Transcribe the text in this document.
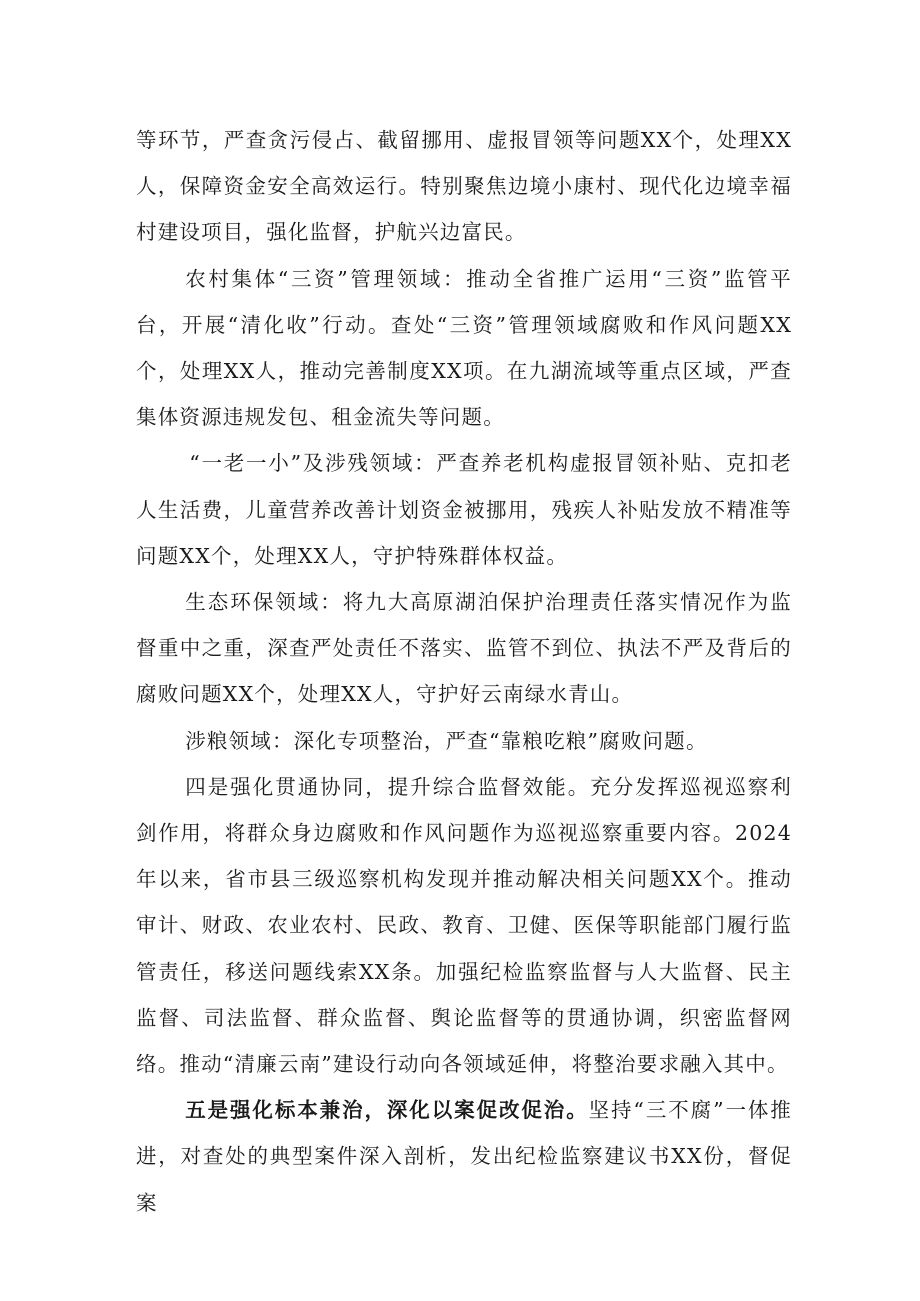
等环节，严查贪污侵占、截留挪用、虚报冒领等问题XX个，处理XX人，保障资金安全高效运行。特别聚焦边境小康村、现代化边境幸福村建设项目，强化监督，护航兴边富民。

农村集体“三资”管理领域：推动全省推广运用“三资”监管平台，开展“清化收”行动。查处“三资”管理领域腐败和作风问题XX个，处理XX人，推动完善制度XX项。在九湖流域等重点区域，严查集体资源违规发包、租金流失等问题。

“一老一小”及涉残领域：严查养老机构虚报冒领补贴、克扣老人生活费，儿童营养改善计划资金被挪用，残疾人补贴发放不精准等问题XX个，处理XX人，守护特殊群体权益。

生态环保领域：将九大高原湖泊保护治理责任落实情况作为监督重中之重，深查严处责任不落实、监管不到位、执法不严及背后的腐败问题XX个，处理XX人，守护好云南绿水青山。

涉粮领域：深化专项整治，严查“靠粮吃粮”腐败问题。

四是强化贯通协同，提升综合监督效能。充分发挥巡视巡察利剑作用，将群众身边腐败和作风问题作为巡视巡察重要内容。2024年以来，省市县三级巡察机构发现并推动解决相关问题XX个。推动审计、财政、农业农村、民政、教育、卫健、医保等职能部门履行监管责任，移送问题线索XX条。加强纪检监察监督与人大监督、民主监督、司法监督、群众监督、舆论监督等的贯通协调，织密监督网络。推动“清廉云南”建设行动向各领域延伸，将整治要求融入其中。

五是强化标本兼治，深化以案促改促治。坚持“三不腐”一体推进，对查处的典型案件深入剖析，发出纪检监察建议书XX份，督促案
